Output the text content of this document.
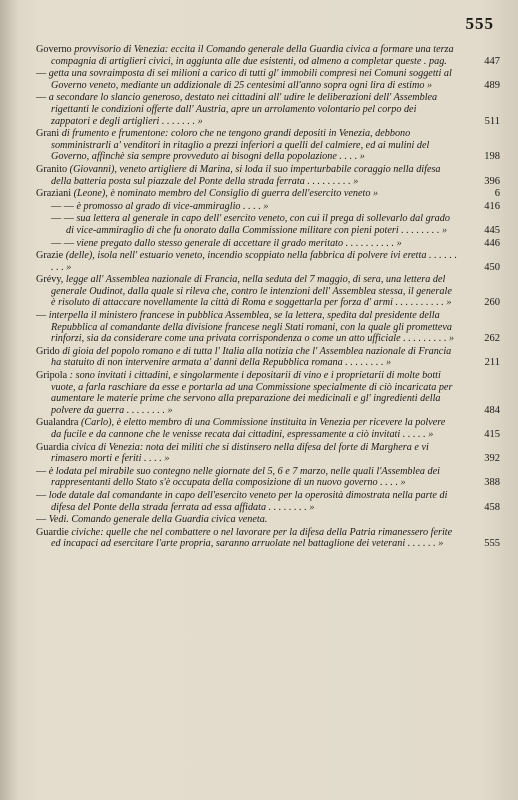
555
Governo provvisorio di Venezia: eccita il Comando generale della Guardia civica a formare una terza compagnia di artiglieri civici, in aggiunta alle due esistenti, od almeno a completar queste . pag.	447
— getta una sovraimposta di sei milioni a carico di tutti gl' immobili compresi nei Comuni soggetti al Governo veneto, mediante un addizionale di 25 centesimi all'anno sopra ogni lira di estimo »	489
— a secondare lo slancio generoso, destato nei cittadini all' udire le deliberazioni dell' Assemblea rigettanti le condizioni offerte dall' Austria, apre un arrolamento volontario pel corpo dei zappatori e degli artiglieri . . . . . . . »	511
Grani di frumento e frumentone: coloro che ne tengono grandi depositi in Venezia, debbono somministrarli a' venditori in ritaglio a prezzi inferiori a quelli del calmiere, ed ai mulini del Governo, affinchè sia sempre provveduto ai bisogni della popolazione . . . . »	198
Granito (Giovanni), veneto artigliere di Marina, si loda il suo imperturbabile coraggio nella difesa della batteria posta sul piazzale del Ponte della strada ferrata . . . . . . . . . »	396
Graziani (Leone), è nominato membro del Consiglio di guerra dell'esercito veneto »	6
— — è promosso al grado di vice-ammiraglio . . . . »	416
— — sua lettera al generale in capo dell' esercito veneto, con cui il prega di sollevarlo dal grado di vice-ammiraglio di che fu onorato dalla Commissione militare con pieni poteri . . . . . . . . »	445
— — viene pregato dallo stesso generale di accettare il grado meritato . . . . . . . . . . »	446
Grazie (delle), isola nell' estuario veneto, incendio scoppiato nella fabbrica di polvere ivi eretta . . . . . . . . . »	450
Grévy, legge all' Assemblea nazionale di Francia, nella seduta del 7 maggio, di sera, una lettera del generale Oudinot, dalla quale si rileva che, contro le intenzioni dell' Assemblea stessa, il generale è risoluto di attaccare novellamente la città di Roma e soggettarla per forza d' armi . . . . . . . . . . »	260
— interpella il ministero francese in pubblica Assemblea, se la lettera, spedita dal presidente della Repubblica al comandante della divisione francese negli Stati romani, con la quale gli prometteva rinforzi, sia da considerare come una privata corrispondenza o come un atto ufficiale . . . . . . . . . »	262
Grido di gioia del popolo romano e di tutta l' Italia alla notizia che l' Assemblea nazionale di Francia ha statuito di non intervenire armata a' danni della Repubblica romana . . . . . . . . »	211
Gripola : sono invitati i cittadini, e singolarmente i depositarii di vino e i proprietarii di molte botti vuote, a farla raschiare da esse e portarla ad una Commissione specialmente di ciò incaricata per aumentare le materie prime che servono alla preparazione dei medicinali e gl' ingredienti della polvere da guerra . . . . . . . . »	484
Gualandra (Carlo), è eletto membro di una Commissione instituita in Venezia per ricevere la polvere da fucile e da cannone che le venisse recata dai cittadini, espressamente a ciò invitati . . . . . »	415
Guardia civica di Venezia: nota dei militi che si distinsero nella difesa del forte di Marghera e vi rimasero morti e feriti . . . . »	392
— è lodata pel mirabile suo contegno nelle giornate del 5, 6 e 7 marzo, nelle quali l'Assemblea dei rappresentanti dello Stato s'è occupata della composizione di un nuovo governo . . . . »	388
— lode datale dal comandante in capo dell'esercito veneto per la operosità dimostrata nella parte di difesa del Ponte della strada ferrata ad essa affidata . . . . . . . . »	458
— Vedi. Comando generale della Guardia civica veneta.
Guardie civiche: quelle che nel combattere o nel lavorare per la difesa della Patria rimanessero ferite ed incapaci ad esercitare l'arte propria, saranno arruolate nel battaglione dei veterani . . . . . . »	555
